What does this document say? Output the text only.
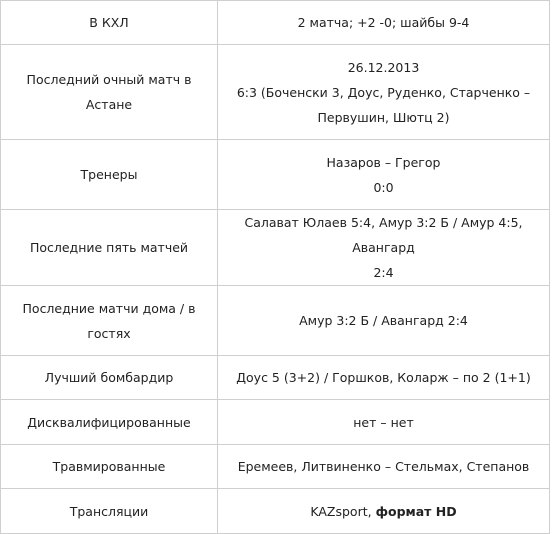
В КХЛ	2 матча; +2 -0; шайбы 9-4

Последний очный матч в Астане	26.12.2013
6:3 (Боченски 3, Доус, Руденко, Старченко –
Первушин, Шютц 2)

Тренеры	Назаров – Грегор
0:0

Последние пять матчей	Салават Юлаев 5:4, Амур 3:2 Б / Амур 4:5, Авангард
2:4

Последние матчи дома / в гостях	Амур 3:2 Б / Авангард 2:4

Лучший бомбардир	Доус 5 (3+2) / Горшков, Коларж – по 2 (1+1)

Дисквалифицированные	нет – нет

Травмированные	Еремеев, Литвиненко – Стельмах, Степанов

Трансляции	KAZsport, формат HD
